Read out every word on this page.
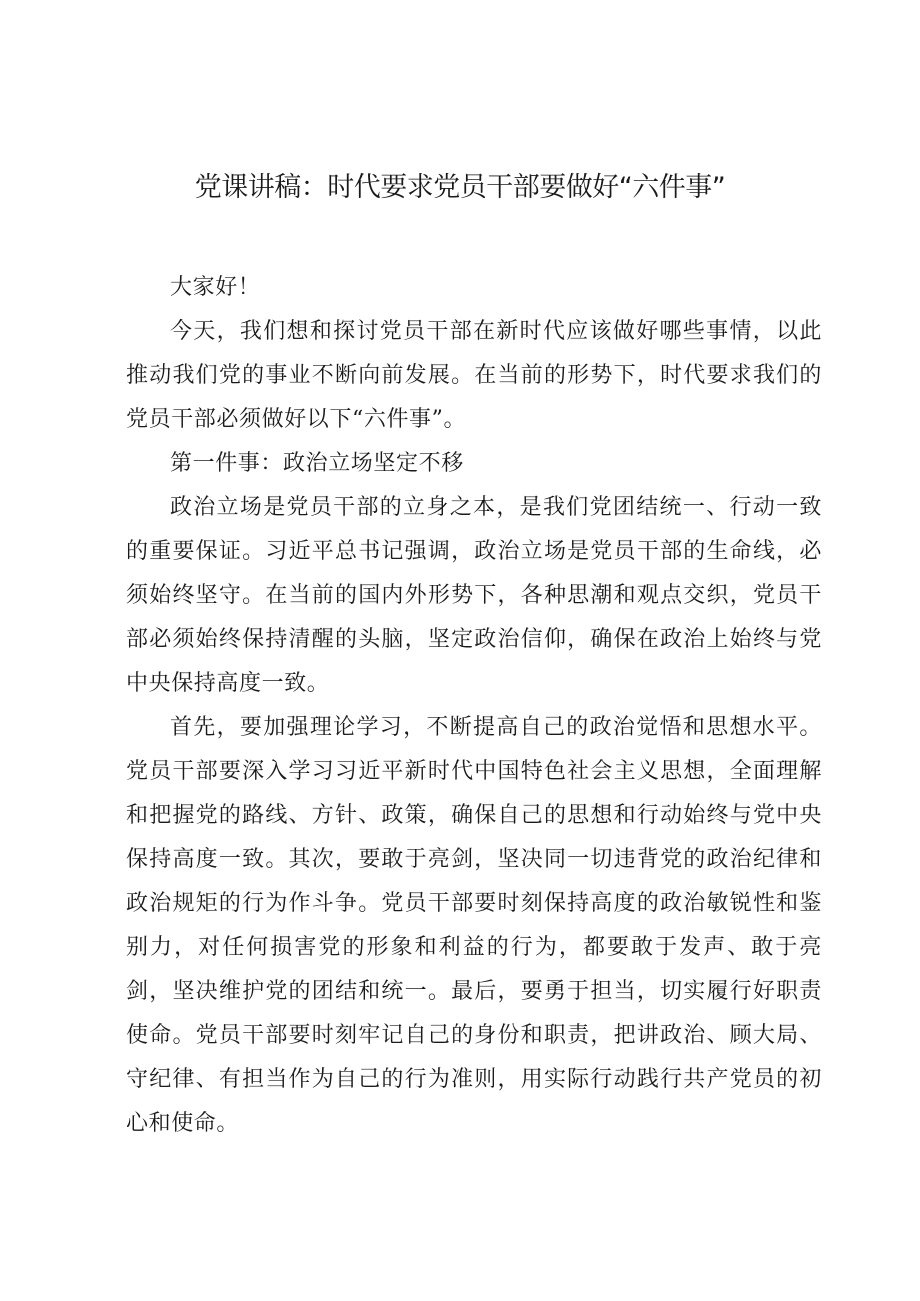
党课讲稿：时代要求党员干部要做好“六件事”

大家好！

今天，我们想和探讨党员干部在新时代应该做好哪些事情，以此推动我们党的事业不断向前发展。在当前的形势下，时代要求我们的党员干部必须做好以下“六件事”。

第一件事：政治立场坚定不移

政治立场是党员干部的立身之本，是我们党团结统一、行动一致的重要保证。习近平总书记强调，政治立场是党员干部的生命线，必须始终坚守。在当前的国内外形势下，各种思潮和观点交织，党员干部必须始终保持清醒的头脑，坚定政治信仰，确保在政治上始终与党中央保持高度一致。

首先，要加强理论学习，不断提高自己的政治觉悟和思想水平。党员干部要深入学习习近平新时代中国特色社会主义思想，全面理解和把握党的路线、方针、政策，确保自己的思想和行动始终与党中央保持高度一致。其次，要敢于亮剑，坚决同一切违背党的政治纪律和政治规矩的行为作斗争。党员干部要时刻保持高度的政治敏锐性和鉴别力，对任何损害党的形象和利益的行为，都要敢于发声、敢于亮剑，坚决维护党的团结和统一。最后，要勇于担当，切实履行好职责使命。党员干部要时刻牢记自己的身份和职责，把讲政治、顾大局、守纪律、有担当作为自己的行为准则，用实际行动践行共产党员的初心和使命。
